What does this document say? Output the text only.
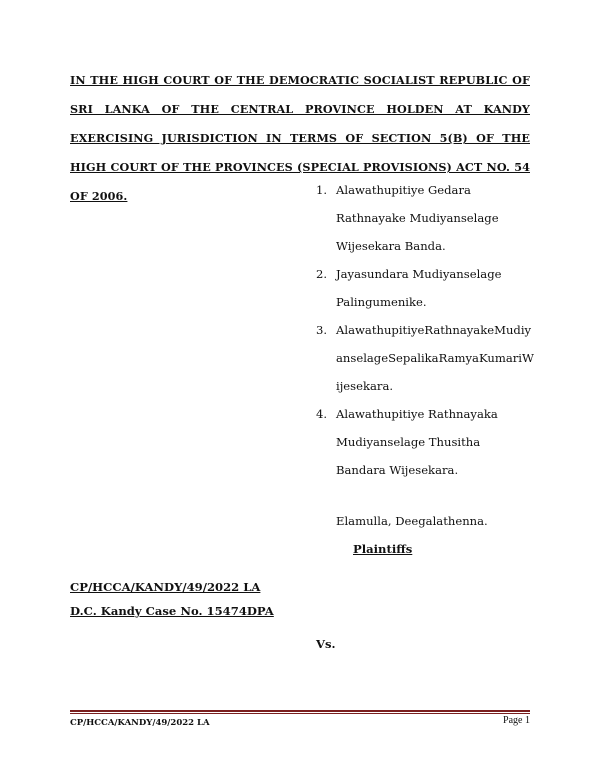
IN THE HIGH COURT OF THE DEMOCRATIC SOCIALIST REPUBLIC OF SRI LANKA OF THE CENTRAL PROVINCE HOLDEN AT KANDY EXERCISING JURISDICTION IN TERMS OF SECTION 5(B) OF THE HIGH COURT OF THE PROVINCES (SPECIAL PROVISIONS) ACT NO. 54 OF 2006.	1. Alawathupitiye Gedara
Rathnayake Mudiyanselage
Wijesekara Banda.
2. Jayasundara Mudiyanselage
Palingumenike.
3. AlawathupitiyeRathnayakeMudiy
anselageSepalikaRamyaKumariW
ijesekara.
4. Alawathupitiye Rathnayaka
Mudiyanselage Thusitha
Bandara Wijesekara.
Elamulla, Deegalathenna.
Plaintiffs
CP/HCCA/KANDY/49/2022 LA
D.C. Kandy Case No. 15474DPA
Vs.
CP/HCCA/KANDY/49/2022 LA	Page 1
